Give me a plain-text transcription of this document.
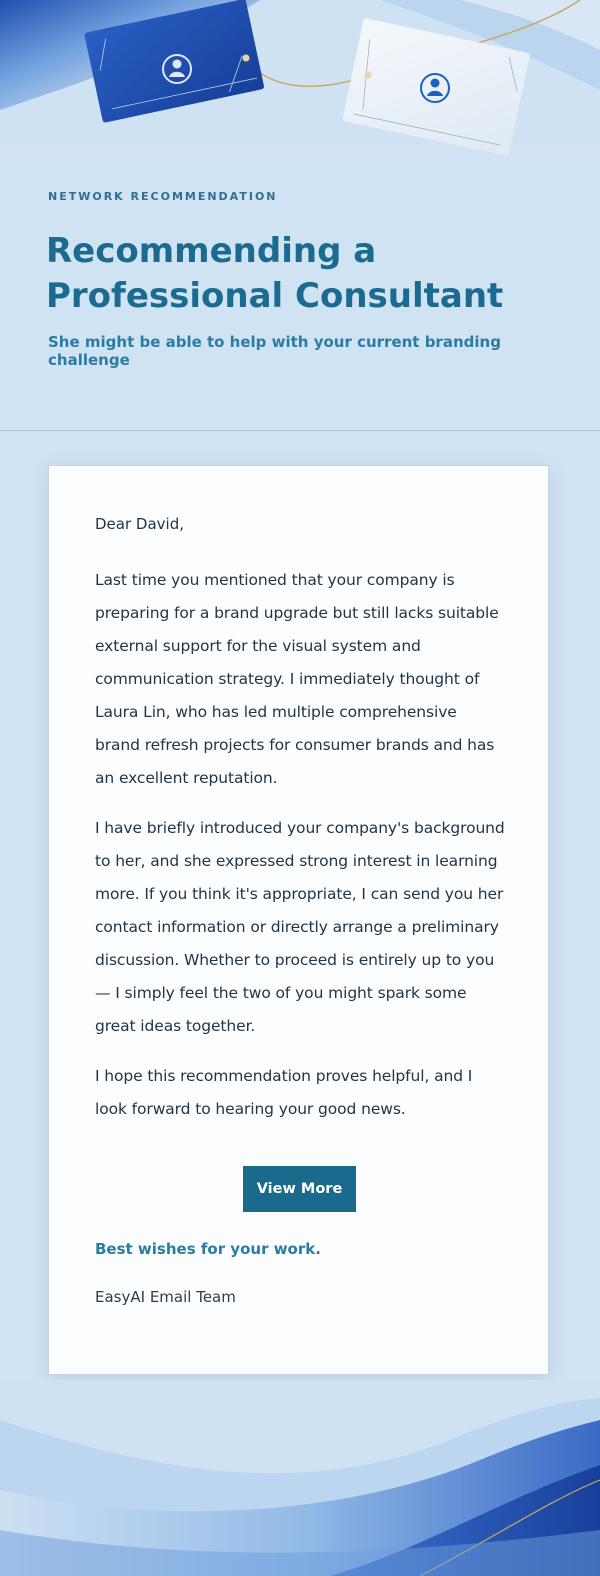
NETWORK RECOMMENDATION
Recommending a
Professional Consultant
She might be able to help with your current branding challenge

Dear David,

Last time you mentioned that your company is preparing for a brand upgrade but still lacks suitable external support for the visual system and communication strategy. I immediately thought of Laura Lin, who has led multiple comprehensive brand refresh projects for consumer brands and has an excellent reputation.

I have briefly introduced your company's background to her, and she expressed strong interest in learning more. If you think it's appropriate, I can send you her contact information or directly arrange a preliminary discussion. Whether to proceed is entirely up to you — I simply feel the two of you might spark some great ideas together.

I hope this recommendation proves helpful, and I look forward to hearing your good news.

View More
Best wishes for your work.
EasyAI Email Team
